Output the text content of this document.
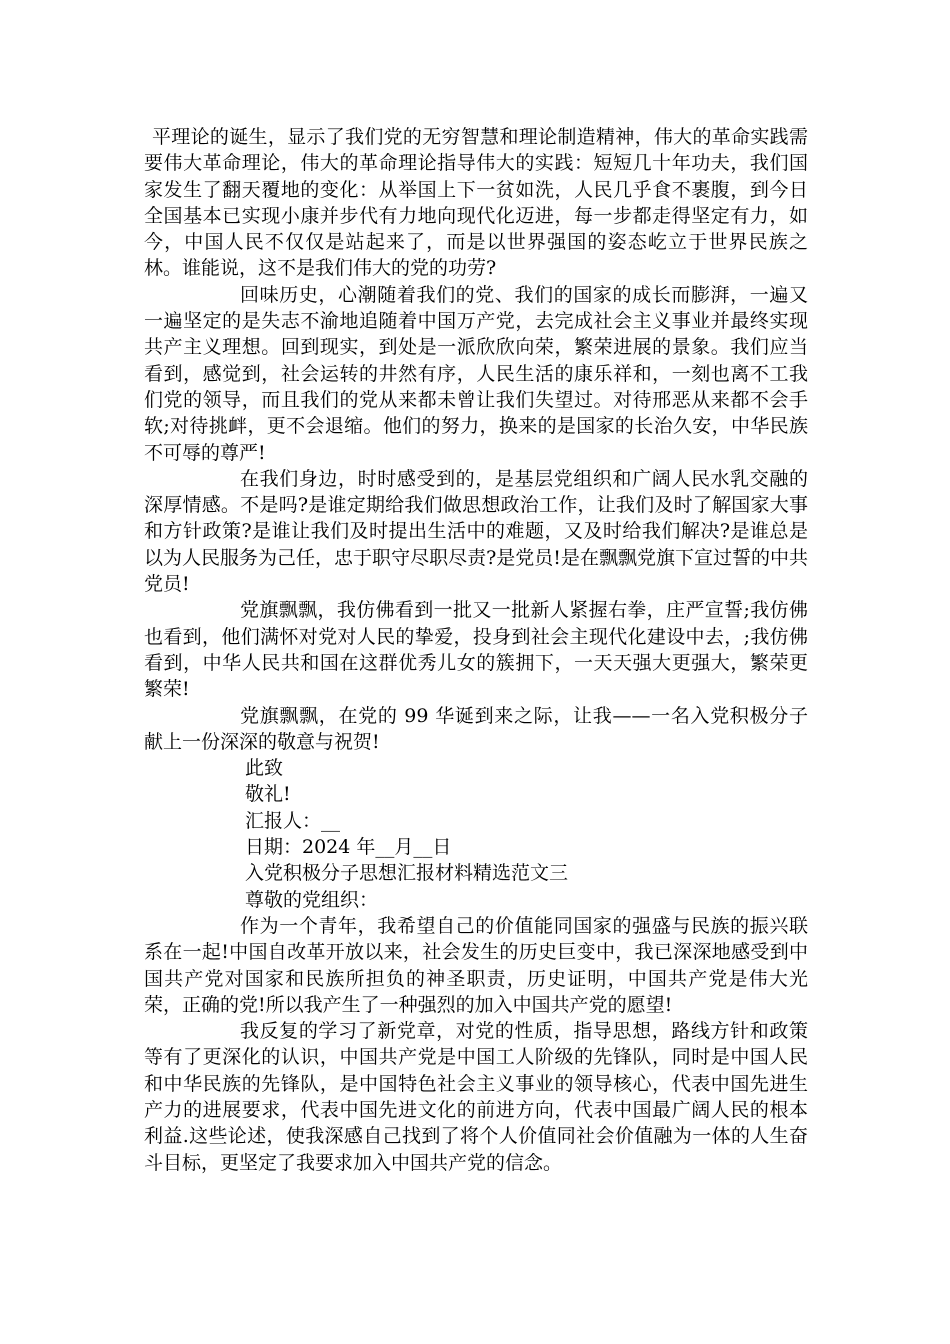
平理论的诞生，显示了我们党的无穷智慧和理论制造精神，伟大的革命实践需要伟大革命理论，伟大的革命理论指导伟大的实践：短短几十年功夫，我们国家发生了翻天覆地的变化：从举国上下一贫如洗，人民几乎食不裹腹，到今日全国基本已实现小康并步代有力地向现代化迈进，每一步都走得坚定有力，如今，中国人民不仅仅是站起来了，而是以世界强国的姿态屹立于世界民族之林。谁能说，这不是我们伟大的党的功劳?

回味历史，心潮随着我们的党、我们的国家的成长而膨湃，一遍又一遍坚定的是失志不渝地追随着中国万产党，去完成社会主义事业并最终实现共产主义理想。回到现实，到处是一派欣欣向荣，繁荣进展的景象。我们应当看到，感觉到，社会运转的井然有序，人民生活的康乐祥和，一刻也离不工我们党的领导，而且我们的党从来都未曾让我们失望过。对待邢恶从来都不会手软;对待挑衅，更不会退缩。他们的努力，换来的是国家的长治久安，中华民族不可辱的尊严!

在我们身边，时时感受到的，是基层党组织和广阔人民水乳交融的深厚情感。不是吗?是谁定期给我们做思想政治工作，让我们及时了解国家大事和方针政策?是谁让我们及时提出生活中的难题，又及时给我们解决?是谁总是以为人民服务为己任，忠于职守尽职尽责?是党员!是在飘飘党旗下宣过誓的中共党员!

党旗飘飘，我仿佛看到一批又一批新人紧握右拳，庄严宣誓;我仿佛也看到，他们满怀对党对人民的挚爱，投身到社会主现代化建设中去，;我仿佛看到，中华人民共和国在这群优秀儿女的簇拥下，一天天强大更强大，繁荣更繁荣!

党旗飘飘，在党的 99 华诞到来之际，让我——一名入党积极分子献上一份深深的敬意与祝贺!

此致

敬礼!

汇报人：__

日期：2024 年__月__日

入党积极分子思想汇报材料精选范文三

尊敬的党组织：

作为一个青年，我希望自己的价值能同国家的强盛与民族的振兴联系在一起!中国自改革开放以来，社会发生的历史巨变中，我已深深地感受到中国共产党对国家和民族所担负的神圣职责，历史证明，中国共产党是伟大光荣，正确的党!所以我产生了一种强烈的加入中国共产党的愿望!

我反复的学习了新党章，对党的性质，指导思想，路线方针和政策等有了更深化的认识，中国共产党是中国工人阶级的先锋队，同时是中国人民和中华民族的先锋队，是中国特色社会主义事业的领导核心，代表中国先进生产力的进展要求，代表中国先进文化的前进方向，代表中国最广阔人民的根本利益.这些论述，使我深感自己找到了将个人价值同社会价值融为一体的人生奋斗目标，更坚定了我要求加入中国共产党的信念。
